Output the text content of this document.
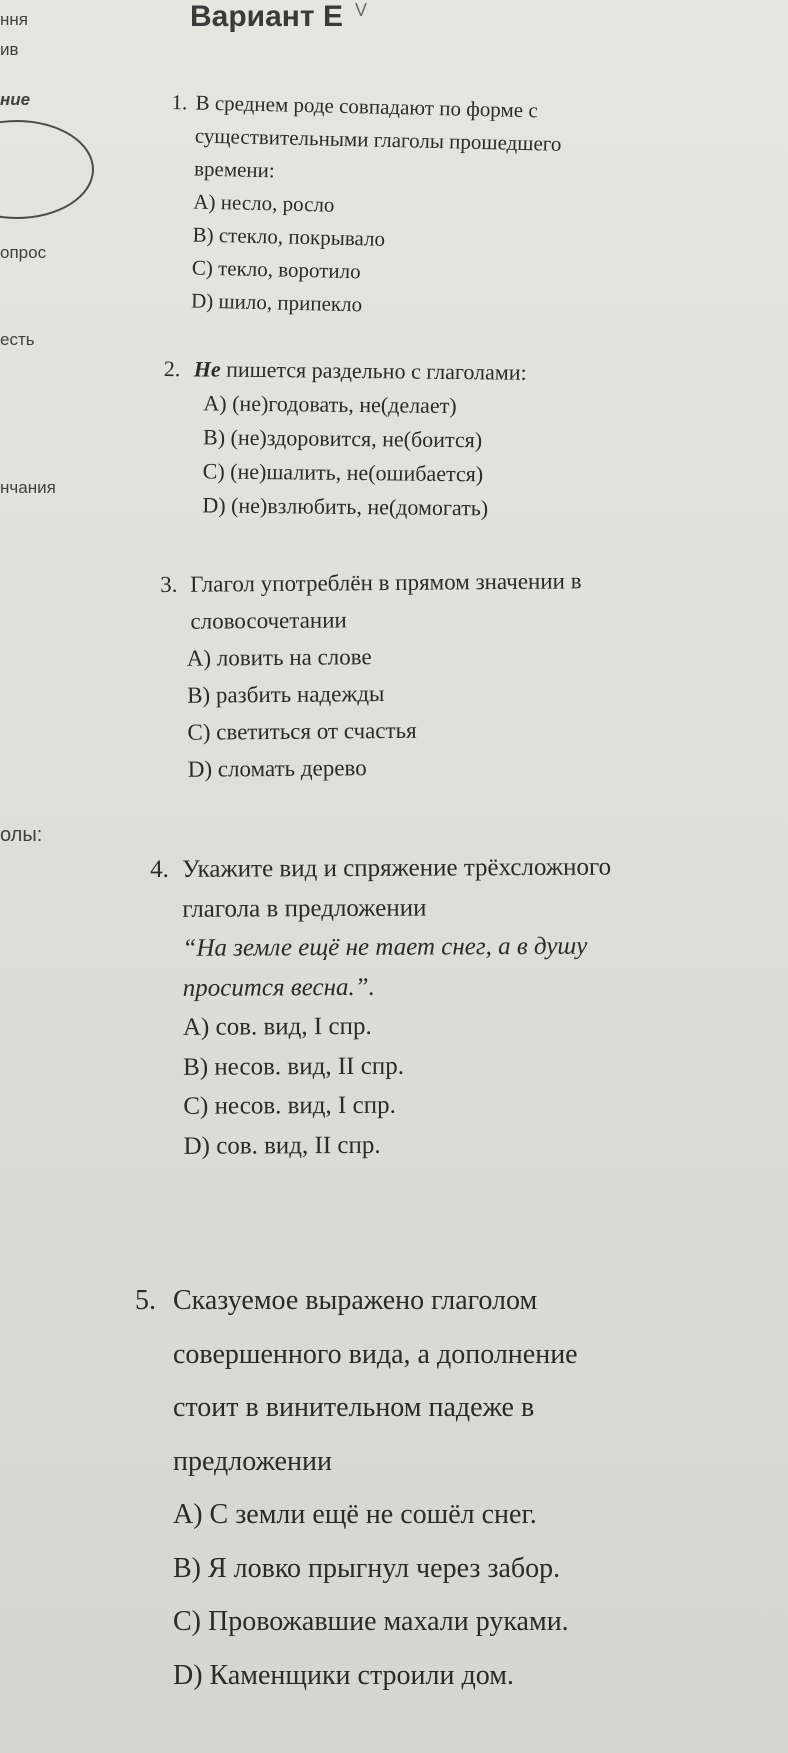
ння
ив
ние
опрос
есть
нчания
олы:
Вариант Е V
1. В среднем роде совпадают по форме с
существительными глаголы прошедшего
времени:
A) несло, росло
B) стекло, покрывало
C) текло, воротило
D) шило, припекло
2. Не пишется раздельно с глаголами:
A) (не)годовать, не(делает)
B) (не)здоровится, не(боится)
C) (не)шалить, не(ошибается)
D) (не)взлюбить, не(домогать)
3. Глагол употреблён в прямом значении в
словосочетании
A) ловить на слове
B) разбить надежды
C) светиться от счастья
D) сломать дерево
4. Укажите вид и спряжение трёхсложного
глагола в предложении
“На земле ещё не тает снег, а в душу
просится весна.”.
A) сов. вид, I спр.
B) несов. вид, II спр.
C) несов. вид, I спр.
D) сов. вид, II спр.
5. Сказуемое выражено глаголом
совершенного вида, а дополнение
стоит в винительном падеже в
предложении
A) С земли ещё не сошёл снег.
B) Я ловко прыгнул через забор.
C) Провожавшие махали руками.
D) Каменщики строили дом.
